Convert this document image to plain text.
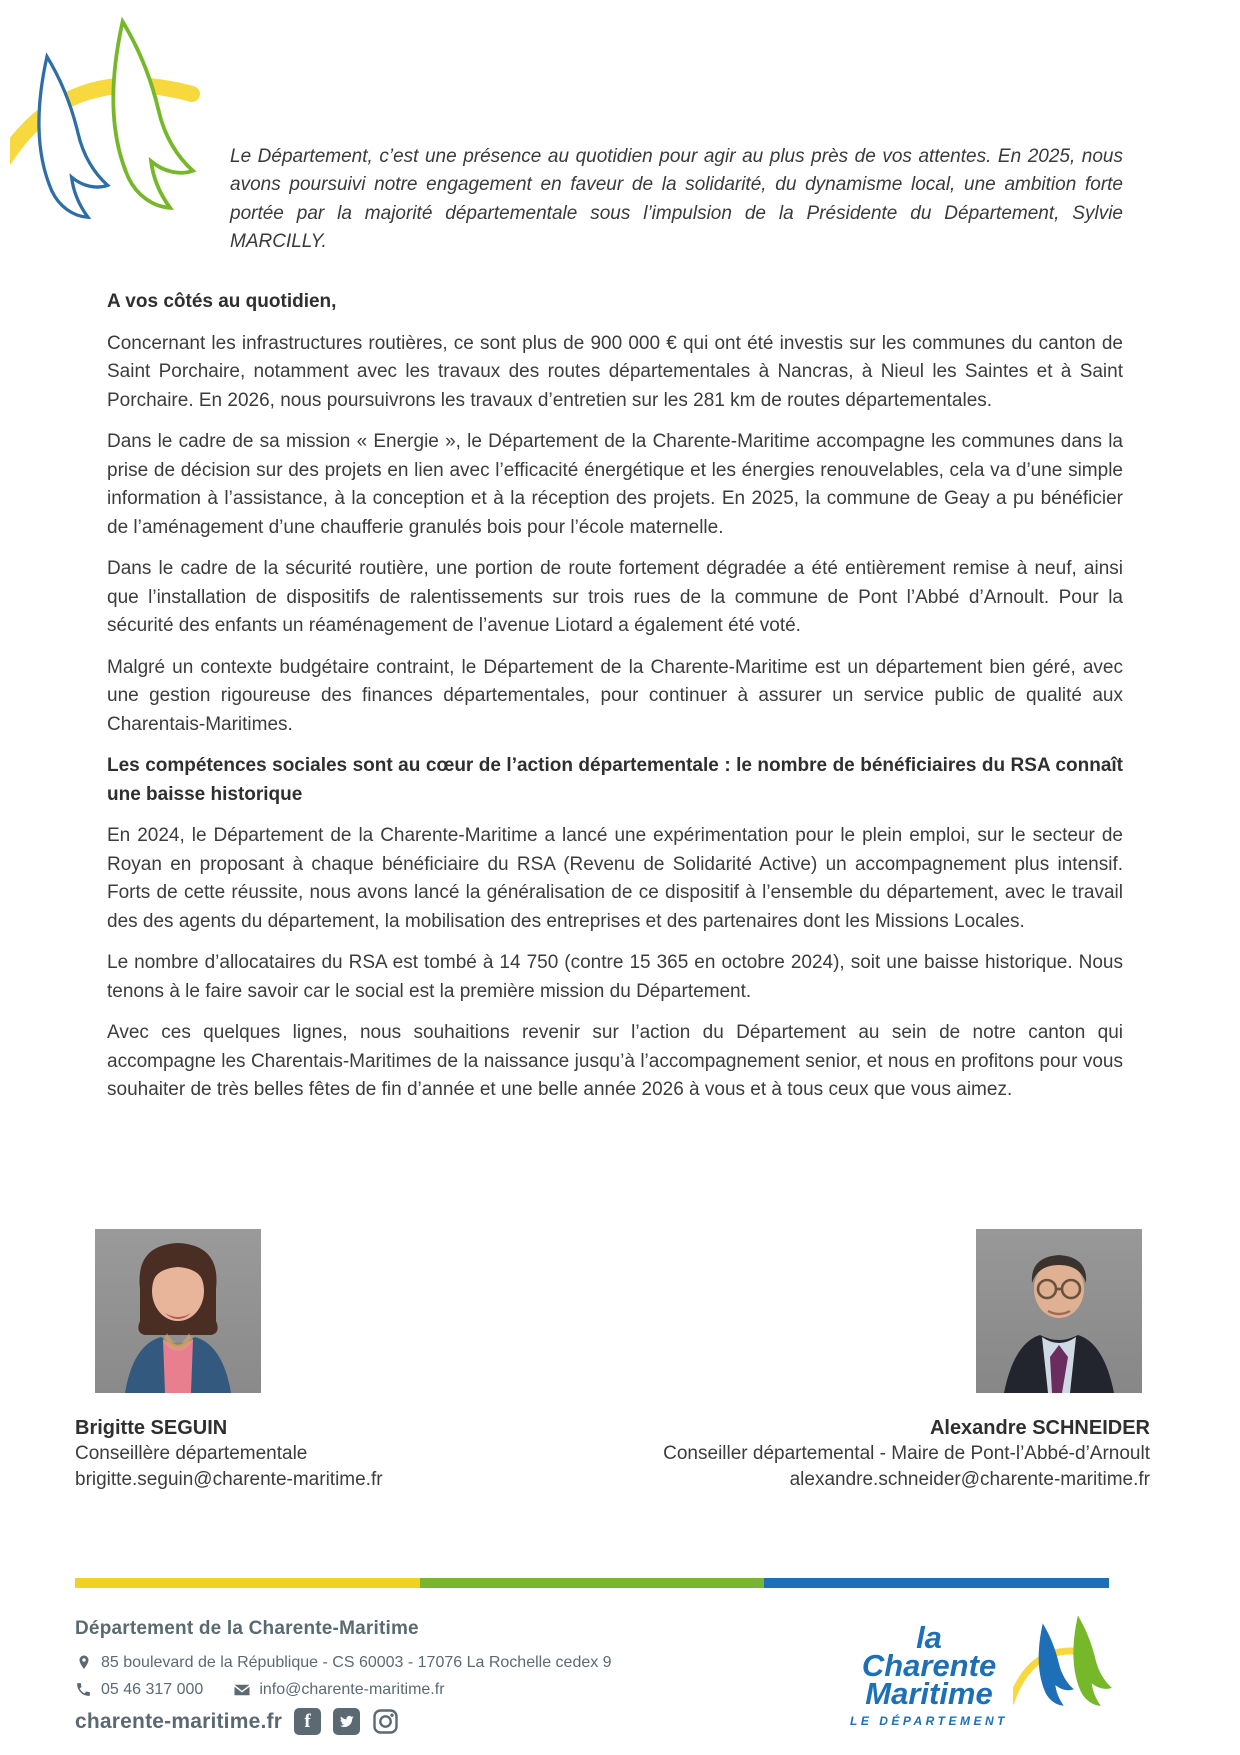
Le Département, c’est une présence au quotidien pour agir au plus près de vos attentes. En 2025, nous avons poursuivi notre engagement en faveur de la solidarité, du dynamisme local, une ambition forte portée par la majorité départementale sous l’impulsion de la Présidente du Département, Sylvie MARCILLY.

A vos côtés au quotidien,

Concernant les infrastructures routières, ce sont plus de 900 000 € qui ont été investis sur les communes du canton de Saint Porchaire, notamment avec les travaux des routes départementales à Nancras, à Nieul les Saintes et à Saint Porchaire. En 2026, nous poursuivrons les travaux d’entretien sur les 281 km de routes départementales.

Dans le cadre de sa mission « Energie », le Département de la Charente-Maritime accompagne les communes dans la prise de décision sur des projets en lien avec l’efficacité énergétique et les énergies renouvelables, cela va d’une simple information à l’assistance, à la conception et à la réception des projets. En 2025, la commune de Geay a pu bénéficier de l’aménagement d’une chaufferie granulés bois pour l’école maternelle.

Dans le cadre de la sécurité routière, une portion de route fortement dégradée a été entièrement remise à neuf, ainsi que l’installation de dispositifs de ralentissements sur trois rues de la commune de Pont l’Abbé d’Arnoult. Pour la sécurité des enfants un réaménagement de l’avenue Liotard a également été voté.

Malgré un contexte budgétaire contraint, le Département de la Charente-Maritime est un département bien géré, avec une gestion rigoureuse des finances départementales, pour continuer à assurer un service public de qualité aux Charentais-Maritimes.

Les compétences sociales sont au cœur de l’action départementale : le nombre de bénéficiaires du RSA connaît une baisse historique

En 2024, le Département de la Charente-Maritime a lancé une expérimentation pour le plein emploi, sur le secteur de Royan en proposant à chaque bénéficiaire du RSA (Revenu de Solidarité Active) un accompagnement plus intensif. Forts de cette réussite, nous avons lancé la généralisation de ce dispositif à l’ensemble du département, avec le travail des des agents du département, la mobilisation des entreprises et des partenaires dont les Missions Locales.

Le nombre d’allocataires du RSA est tombé à 14 750 (contre 15 365 en octobre 2024), soit une baisse historique. Nous tenons à le faire savoir car le social est la première mission du Département.

Avec ces quelques lignes, nous souhaitions revenir sur l’action du Département au sein de notre canton qui accompagne les Charentais-Maritimes de la naissance jusqu’à l’accompagnement senior, et nous en profitons pour vous souhaiter de très belles fêtes de fin d’année et une belle année 2026 à vous et à tous ceux que vous aimez.

Brigitte SEGUIN
Conseillère départementale
brigitte.seguin@charente-maritime.fr
Alexandre SCHNEIDER
Conseiller départemental - Maire de Pont-l’Abbé-d’Arnoult
alexandre.schneider@charente-maritime.fr
Département de la Charente-Maritime
85 boulevard de la République - CS 60003 - 17076 La Rochelle cedex 9
05 46 317 000	info@charente-maritime.fr
charente-maritime.fr	f
la Charente
Maritime
LE DÉPARTEMENT
